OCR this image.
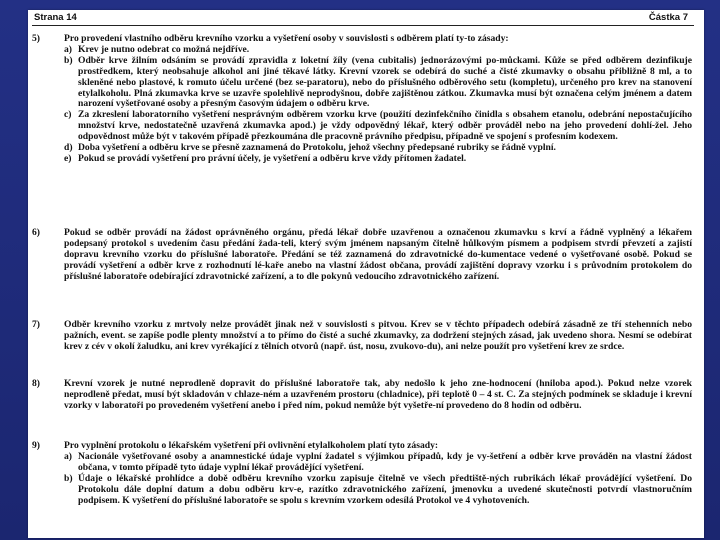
Strana 14	Částka 7
5)	Pro provedení vlastního odběru krevního vzorku a vyšetření osoby v souvislosti s odběrem platí ty-to zásady:

a) Krev je nutno odebrat co možná nejdříve.

b) Odběr krve žilním odsáním se provádí zpravidla z loketní žíly (vena cubitalis) jednorázovými po-můckami. Kůže se před odběrem dezinfikuje prostředkem, který neobsahuje alkohol ani jiné těkavé látky. Krevní vzorek se odebírá do suché a čisté zkumavky o obsahu přibližně 8 ml, a to skleněné nebo plastové, k romuto účelu určené (bez se-paratoru), nebo do příslušného odběrového setu (kompletu), určeného pro krev na stanovení etylalkoholu. Plná zkumavka krve se uzavře spolehlivě neprodyšnou, dobře zajištěnou zátkou. Zkumavka musí být označena celým jménem a datem narození vyšetřované osoby a přesným časovým údajem o odběru krve.

c) Za zkreslení laboratorního vyšetření nesprávným odběrem vzorku krve (použití dezinfekčního činidla s obsahem etanolu, odebrání nepostačujícího množství krve, nedostatečně uzavřená zkumavka apod.) je vždy odpovědný lékař, který odběr prováděl nebo na jeho provedení dohlí-žel. Jeho odpovědnost může být v takovém případě přezkoumána dle pracovně právního předpisu, případně ve spojení s profesním kodexem.

d) Doba vyšetření a odběru krve se přesně zaznamená do Protokolu, jehož všechny předepsané rubriky se řádně vyplní.

e) Pokud se provádí vyšetření pro právní účely, je vyšetření a odběru krve vždy přítomen žadatel.

6)	Pokud se odběr provádí na žádost oprávněného orgánu, předá lékař dobře uzavřenou a označenou zkumavku s krví a řádně vyplněný a lékařem podepsaný protokol s uvedením času předání žada-teli, který svým jménem napsaným čitelně hůlkovým písmem a podpisem stvrdí převzetí a zajistí dopravu krevního vzorku do příslušné laboratoře. Předání se též zaznamená do zdravotnické do-kumentace vedené o vyšetřované osobě. Pokud se provádí vyšetření a odběr krve z rozhodnutí lé-kaře anebo na vlastní žádost občana, provádí zajištění dopravy vzorku i s průvodním protokolem do příslušné laboratoře odebírající zdravotnické zařízení, a to dle pokynů vedoucího zdravotnického zařízení.

7)	Odběr krevního vzorku z mrtvoly nelze provádět jinak než v souvislosti s pitvou. Krev se v těchto případech odebírá zásadně ze tří stehenních nebo pažních, event. se zapíše podle plenty množství a to přímo do čisté a suché zkumavky, za dodržení stejných zásad, jak uvedeno shora. Nesmí se odebírat krev z cév v okolí žaludku, ani krev vyrékající z tělních otvorů (např. úst, nosu, zvukovo-du), ani nelze použít pro vyšetření krev ze srdce.

8)	Krevní vzorek je nutné neprodleně dopravit do příslušné laboratoře tak, aby nedošlo k jeho zne-hodnocení (hniloba apod.). Pokud nelze vzorek neprodleně předat, musí být skladován v chlaze-ném a uzavřeném prostoru (chladnice), při teplotě 0 – 4 st. C. Za stejných podmínek se skladuje i krevní vzorky v laboratoři po provedeném vyšetření anebo i před ním, pokud nemůže být vyšetře-ní provedeno do 8 hodin od odběru.

9)	Pro vyplnění protokolu o lékařském vyšetření při ovlivnění etylalkoholem platí tyto zásady:

a) Nacionále vyšetřované osoby a anamnestické údaje vyplní žadatel s výjimkou případů, kdy je vy-šetření a odběr krve prováděn na vlastní žádost občana, v tomto případě tyto údaje vyplní lékař provádějící vyšetření.

b) Údaje o lékařské prohlídce a době odběru krevního vzorku zapisuje čitelně ve všech předtiště-ných rubrikách lékař provádějící vyšetření. Do Protokolu dále doplní datum a dobu odběru krv-e, razítko zdravotnického zařízení, jmenovku a uvedené skutečnosti potvrdí vlastnoručním podpisem. K vyšetření do příslušné laboratoře se spolu s krevním vzorkem odesílá Protokol ve 4 vyhotoveních.
